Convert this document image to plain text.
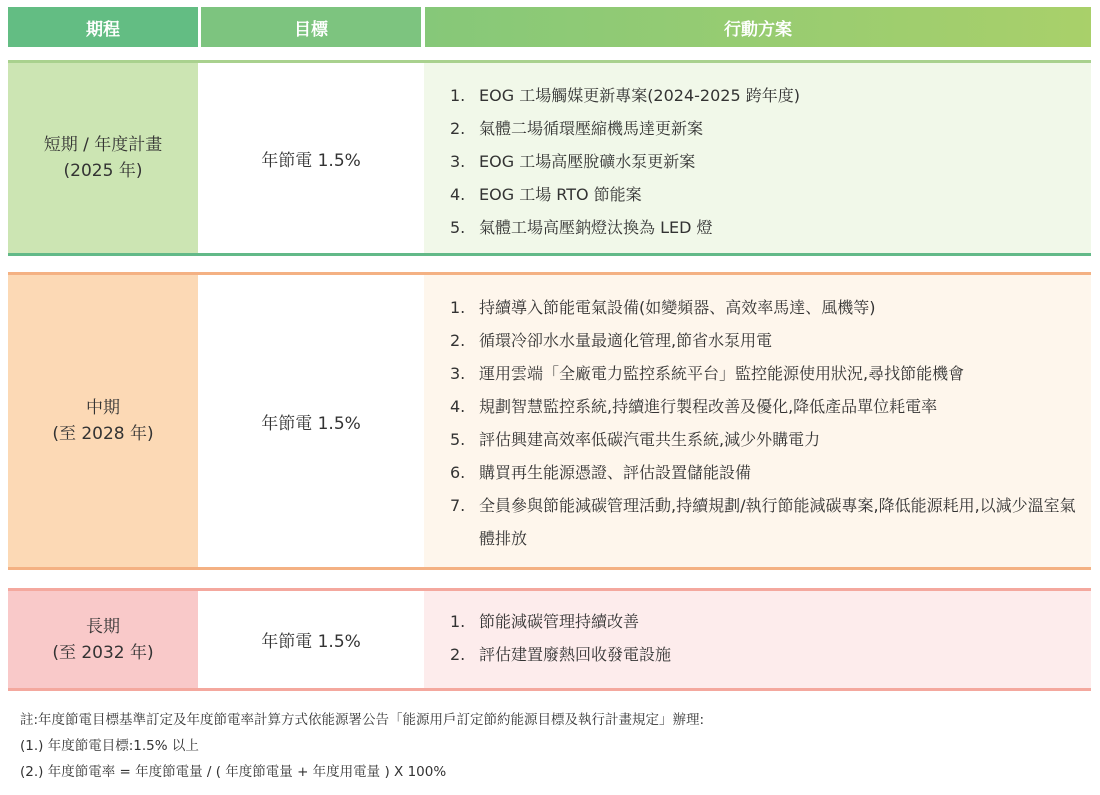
期程	目標	行動方案
短期 / 年度計畫
(2025 年)
年節電 1.5%
1. EOG 工場觸媒更新專案(2024-2025 跨年度)
2. 氣體二場循環壓縮機馬達更新案
3. EOG 工場高壓脫礦水泵更新案
4. EOG 工場 RTO 節能案
5. 氣體工場高壓鈉燈汰換為 LED 燈
中期
(至 2028 年)
年節電 1.5%
1. 持續導入節能電氣設備(如變頻器、高效率馬達、風機等)
2. 循環冷卻水水量最適化管理,節省水泵用電
3. 運用雲端「全廠電力監控系統平台」監控能源使用狀況,尋找節能機會
4. 規劃智慧監控系統,持續進行製程改善及優化,降低產品單位耗電率
5. 評估興建高效率低碳汽電共生系統,減少外購電力
6. 購買再生能源憑證、評估設置儲能設備
7. 全員參與節能減碳管理活動,持續規劃/執行節能減碳專案,降低能源耗用,以減少溫室氣體排放
長期
(至 2032 年)
年節電 1.5%
1. 節能減碳管理持續改善
2. 評估建置廢熱回收發電設施
註:年度節電目標基準訂定及年度節電率計算方式依能源署公告「能源用戶訂定節約能源目標及執行計畫規定」辦理:
(1.) 年度節電目標:1.5% 以上
(2.) 年度節電率 = 年度節電量 / ( 年度節電量 + 年度用電量 ) X 100%
